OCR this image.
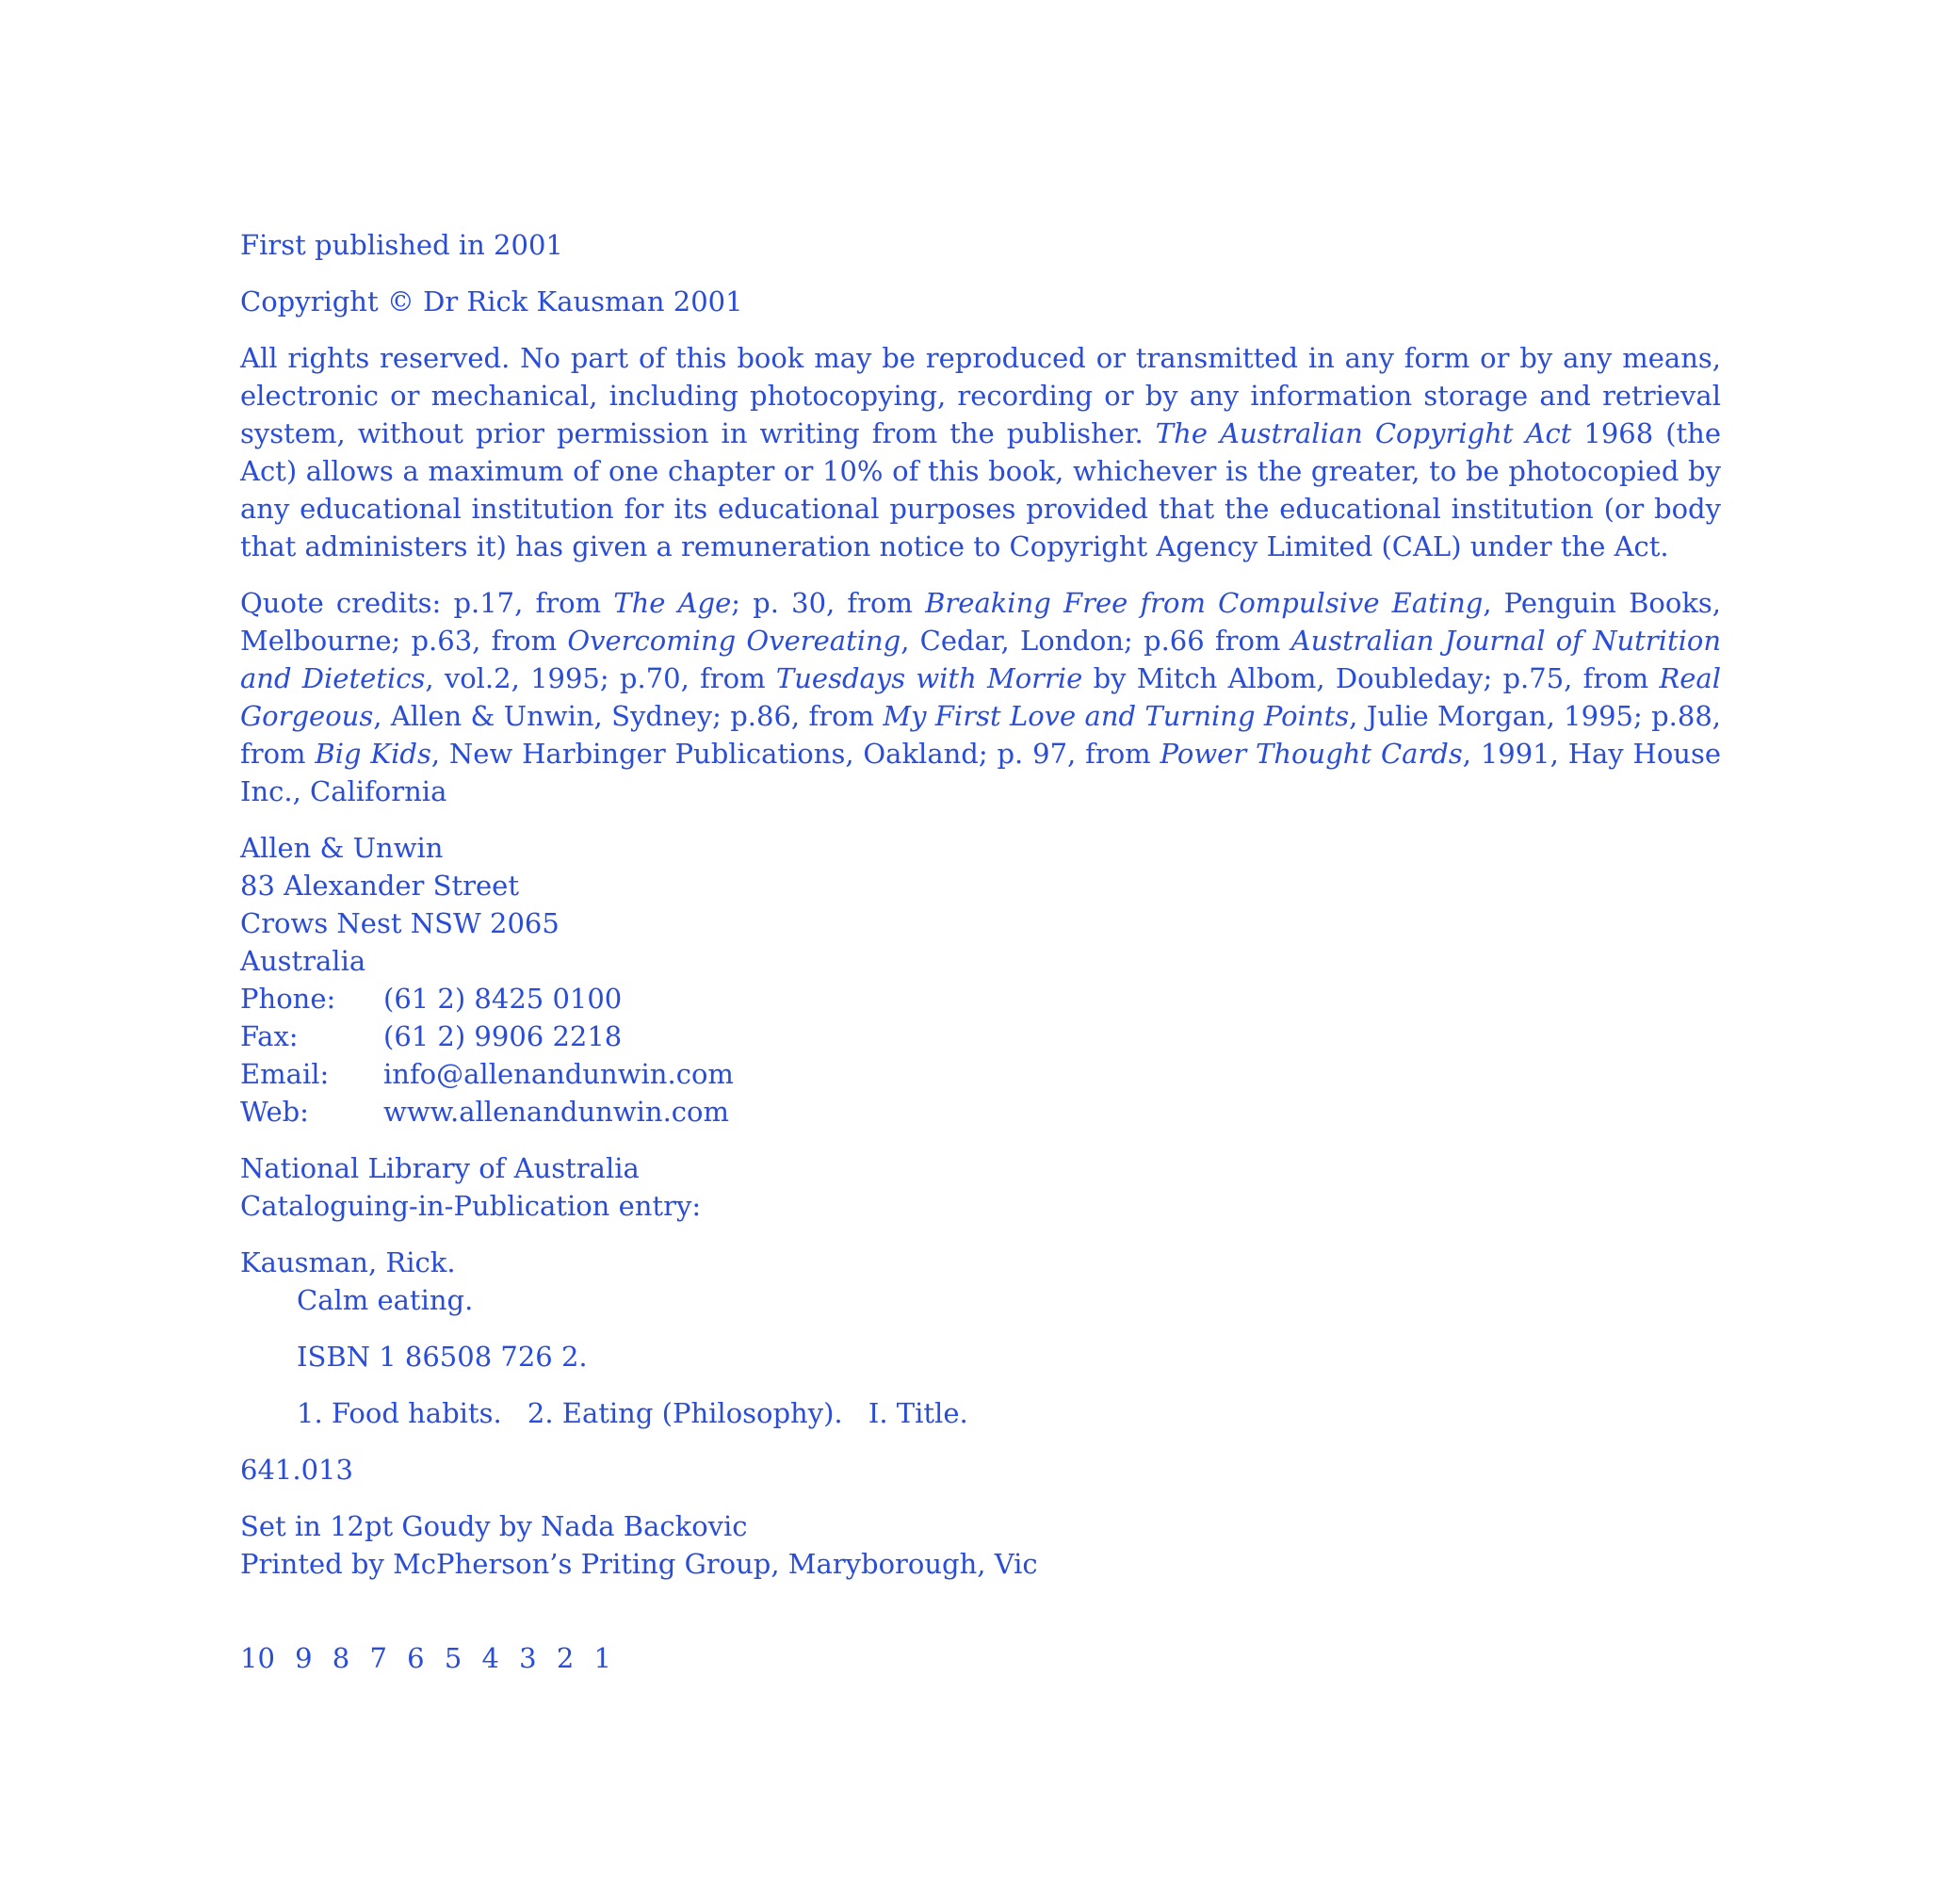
First published in 2001

Copyright © Dr Rick Kausman 2001

All rights reserved. No part of this book may be reproduced or transmitted in any form or by any means, electronic or mechanical, including photocopying, recording or by any information storage and retrieval system, without prior permission in writing from the publisher. The Australian Copyright Act 1968 (the Act) allows a maximum of one chapter or 10% of this book, whichever is the greater, to be photocopied by any educational institution for its educational purposes provided that the educational institution (or body that administers it) has given a remuneration notice to Copyright Agency Limited (CAL) under the Act.

Quote credits: p.17, from The Age; p. 30, from Breaking Free from Compulsive Eating, Penguin Books, Melbourne; p.63, from Overcoming Overeating, Cedar, London; p.66 from Australian Journal of Nutrition and Dietetics, vol.2, 1995; p.70, from Tuesdays with Morrie by Mitch Albom, Doubleday; p.75, from Real Gorgeous, Allen & Unwin, Sydney; p.86, from My First Love and Turning Points, Julie Morgan, 1995; p.88, from Big Kids, New Harbinger Publications, Oakland; p. 97, from Power Thought Cards, 1991, Hay House Inc., California

Allen & Unwin
83 Alexander Street
Crows Nest NSW 2065
Australia
Phone:	(61 2) 8425 0100
Fax:	(61 2) 9906 2218
Email:	info@allenandunwin.com
Web:	www.allenandunwin.com
National Library of Australia
Cataloguing-in-Publication entry:
Kausman, Rick.

Calm eating.

ISBN 1 86508 726 2.

1. Food habits. 2. Eating (Philosophy). I. Title.

641.013

Set in 12pt Goudy by Nada Backovic
Printed by McPherson’s Priting Group, Maryborough, Vic
10 9 8 7 6 5 4 3 2 1
